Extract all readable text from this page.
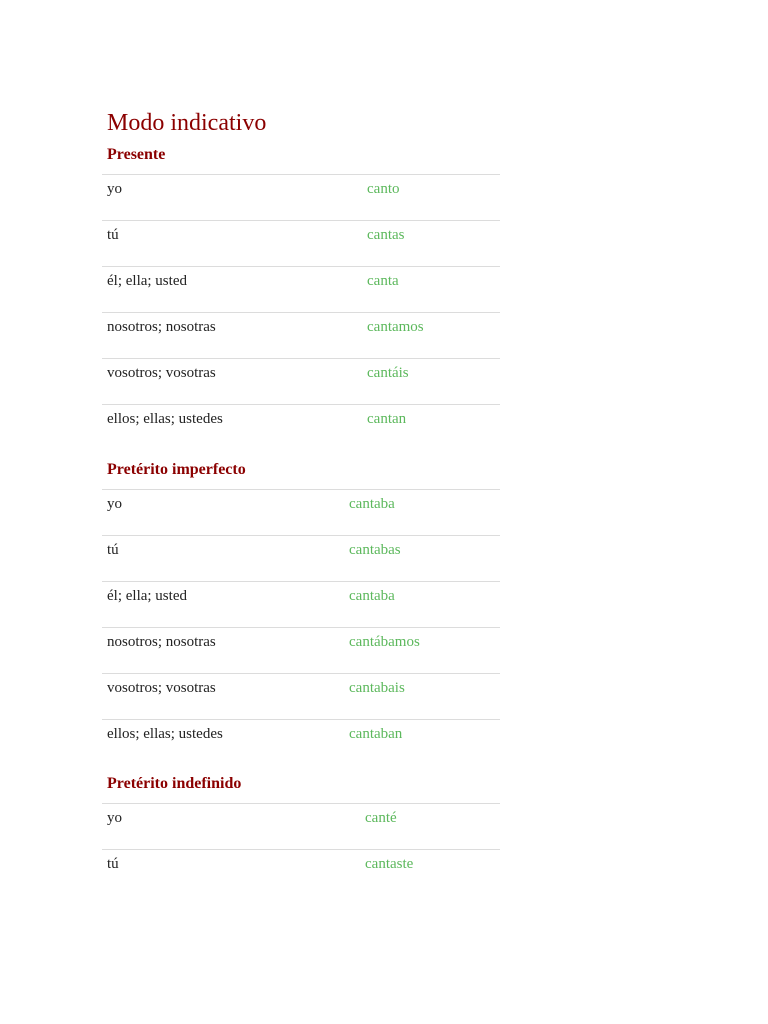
Modo indicativo
Presente
yo	canto
tú	cantas
él; ella; usted	canta
nosotros; nosotras	cantamos
vosotros; vosotras	cantáis
ellos; ellas; ustedes	cantan
Pretérito imperfecto
yo	cantaba
tú	cantabas
él; ella; usted	cantaba
nosotros; nosotras	cantábamos
vosotros; vosotras	cantabais
ellos; ellas; ustedes	cantaban
Pretérito indefinido
yo	canté
tú	cantaste
